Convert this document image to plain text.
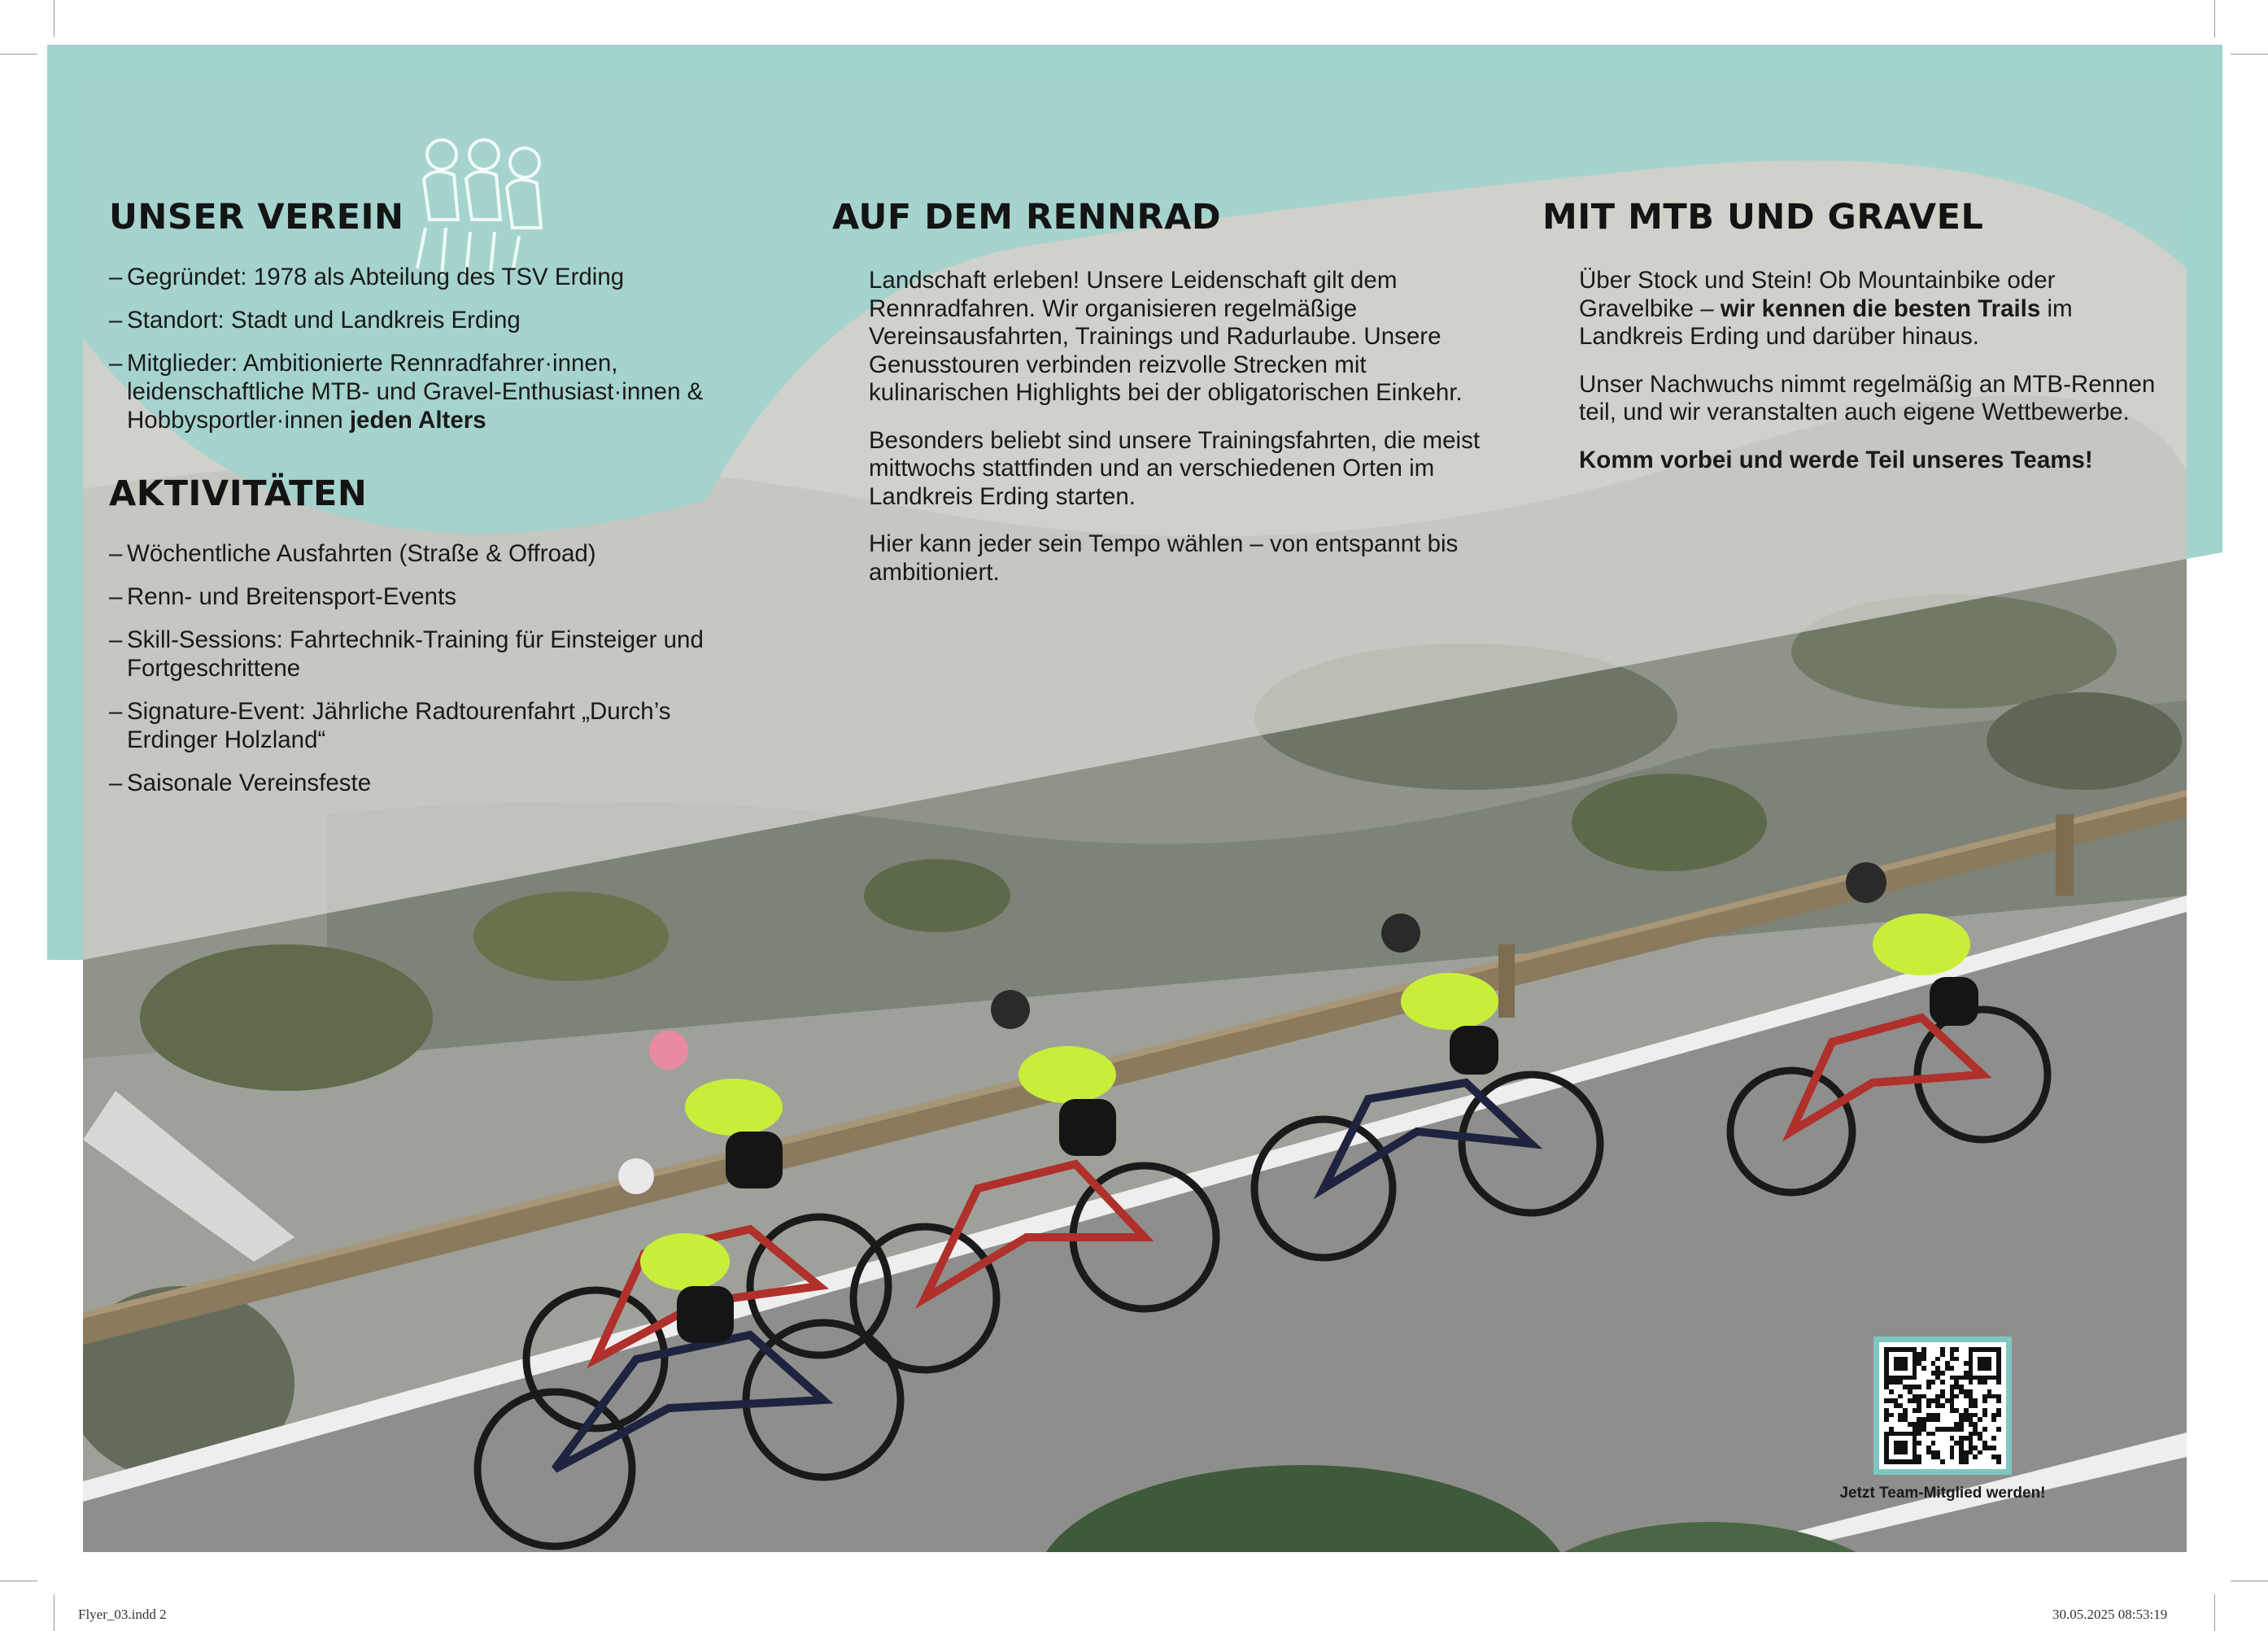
UNSER VEREIN
– Gegründet: 1978 als Abteilung des TSV Erding
– Standort: Stadt und Landkreis Erding
– Mitglieder: Ambitionierte Rennradfahrer·innen, leidenschaftliche MTB- und Gravel-Enthusiast·innen & Hobbysportler·innen jeden Alters
AKTIVITÄTEN
– Wöchentliche Ausfahrten (Straße & Offroad)
– Renn- und Breitensport-Events
– Skill-Sessions: Fahrtechnik-Training für Einsteiger und Fortgeschrittene
– Signature-Event: Jährliche Radtourenfahrt „Durch’s Erdinger Holzland“
– Saisonale Vereinsfeste
AUF DEM RENNRAD

Landschaft erleben! Unsere Leidenschaft gilt dem Rennradfahren. Wir organisieren regelmäßige Vereinsausfahrten, Trainings und Radurlaube. Unsere Genusstouren verbinden reizvolle Strecken mit kulinarischen Highlights bei der obligatorischen Einkehr.

Besonders beliebt sind unsere Trainingsfahrten, die meist mittwochs stattfinden und an verschiedenen Orten im Landkreis Erding starten.

Hier kann jeder sein Tempo wählen – von entspannt bis ambitioniert.

MIT MTB UND GRAVEL

Über Stock und Stein! Ob Mountainbike oder Gravelbike – wir kennen die besten Trails im Landkreis Erding und darüber hinaus.

Unser Nachwuchs nimmt regelmäßig an MTB-Rennen teil, und wir veranstalten auch eigene Wettbewerbe.

Komm vorbei und werde Teil unseres Teams!

Jetzt Team-Mitglied werden!
Flyer_03.indd 2	30.05.2025 08:53:19
